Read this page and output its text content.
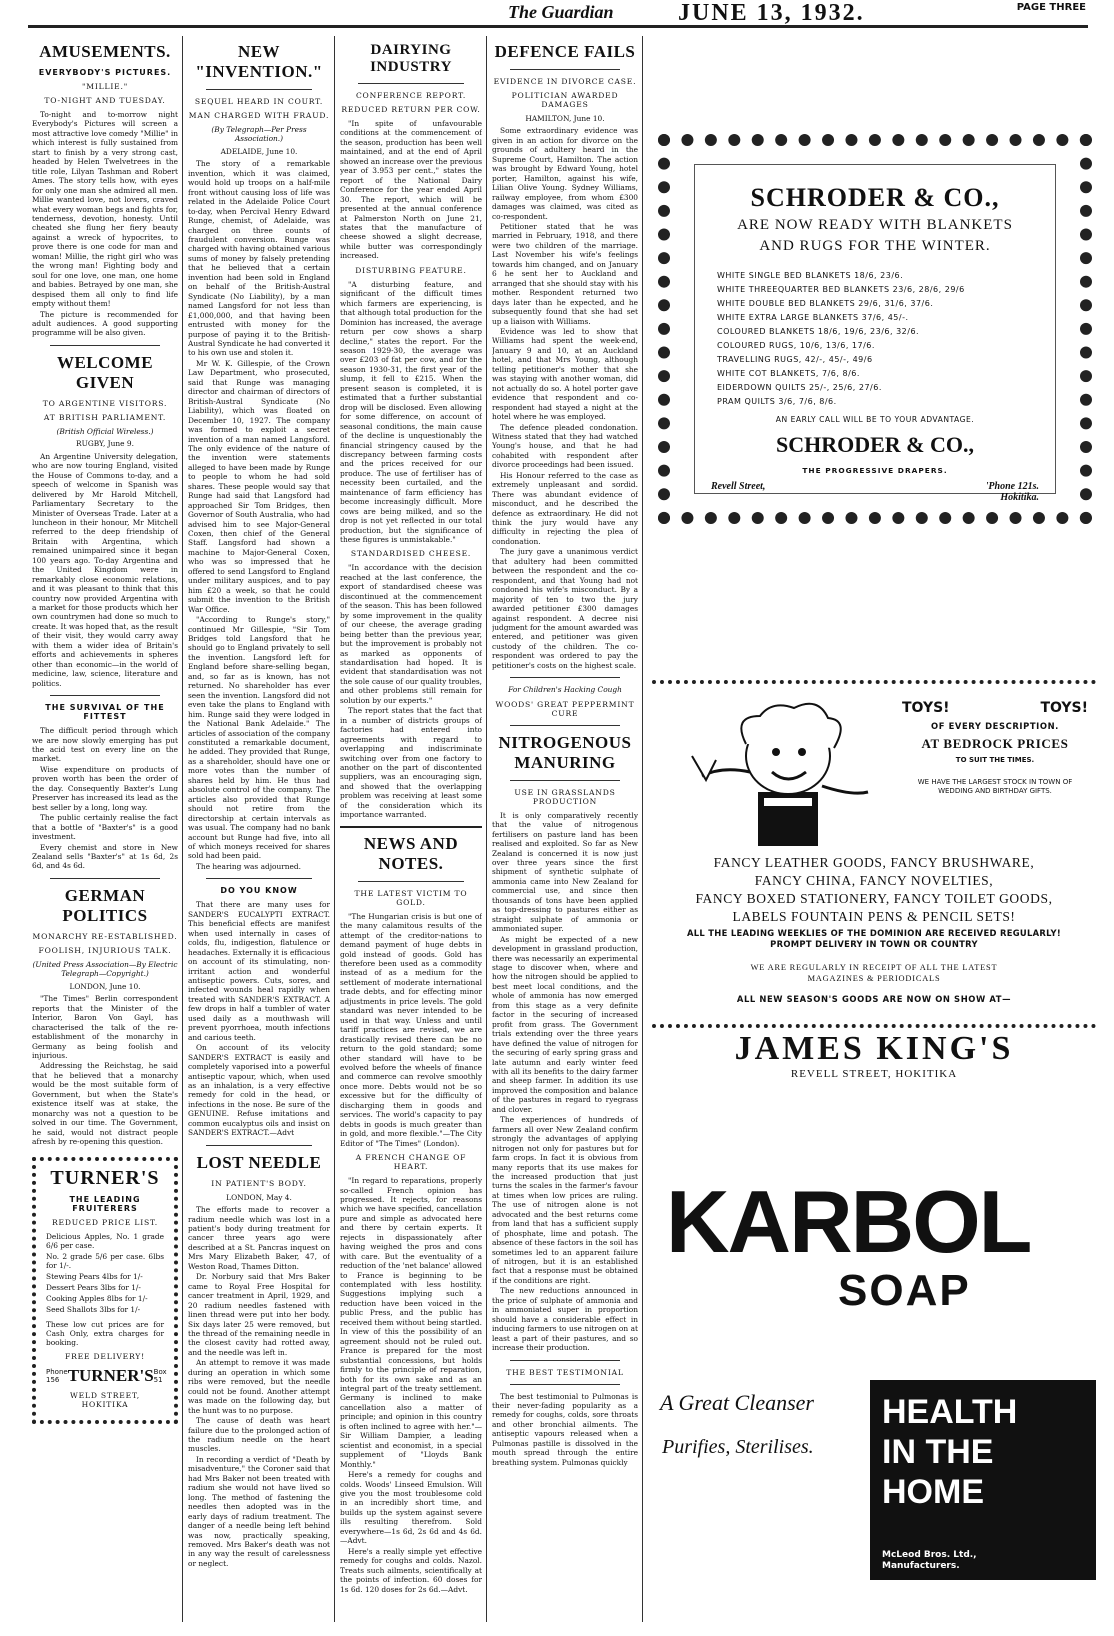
The Guardian	JUNE 13, 1932.	PAGE THREE
AMUSEMENTS.
EVERYBODY'S PICTURES.
"MILLIE."
TO-NIGHT AND TUESDAY.

To-night and to-morrow night Everybody's Pictures will screen a most attractive love comedy "Millie" in which interest is fully sustained from start to finish by a very strong cast, headed by Helen Twelvetrees in the title role, Lilyan Tashman and Robert Ames. The story tells how, with eyes for only one man she admired all men. Millie wanted love, not lovers, craved what every woman begs and fights for, tenderness, devotion, honesty. Until cheated she flung her fiery beauty against a wreck of hypocrites, to prove there is one code for man and woman! Millie, the right girl who was the wrong man! Fighting body and soul for one love, one man, one home and babies. Betrayed by one man, she despised them all only to find life empty without them!

The picture is recommended for adult audiences. A good supporting programme will be also given.

WELCOME GIVEN
TO ARGENTINE VISITORS.
AT BRITISH PARLIAMENT.
(British Official Wireless.)
RUGBY, June 9.

An Argentine University delegation, who are now touring England, visited the House of Commons to-day, and a speech of welcome in Spanish was delivered by Mr Harold Mitchell, Parliamentary Secretary to the Minister of Overseas Trade. Later at a luncheon in their honour, Mr Mitchell referred to the deep friendship of Britain with Argentina, which remained unimpaired since it began 100 years ago. To-day Argentina and the United Kingdom were in remarkably close economic relations, and it was pleasant to think that this country now provided Argentina with a market for those products which her own countrymen had done so much to create. It was hoped that, as the result of their visit, they would carry away with them a wider idea of Britain's efforts and achievements in spheres other than economic—in the world of medicine, law, science, literature and politics.

THE SURVIVAL OF THE FITTEST

The difficult period through which we are now slowly emerging has put the acid test on every line on the market.

Wise expenditure on products of proven worth has been the order of the day. Consequently Baxter's Lung Preserver has increased its lead as the best seller by a long, long way.

The public certainly realise the fact that a bottle of "Baxter's" is a good investment.

Every chemist and store in New Zealand sells "Baxter's" at 1s 6d, 2s 6d, and 4s 6d.

GERMAN POLITICS
MONARCHY RE-ESTABLISHED.
FOOLISH, INJURIOUS TALK.
(United Press Association—By Electric Telegraph—Copyright.)
LONDON, June 10.

"The Times" Berlin correspondent reports that the Minister of the Interior, Baron Von Gayl, has characterised the talk of the re-establishment of the monarchy in Germany as being foolish and injurious.

Addressing the Reichstag, he said that he believed that a monarchy would be the most suitable form of Government, but when the State's existence itself was at stake, the monarchy was not a question to be solved in our time. The Government, he said, would not distract people afresh by re-opening this question.

TURNER'S
THE LEADING FRUITERERS
REDUCED PRICE LIST.
Delicious Apples, No. 1 grade 6/6 per case.
No. 2 grade 5/6 per case. 6lbs for 1/-.
Stewing Pears 4lbs for 1/-
Dessert Pears 3lbs for 1/-
Cooking Apples 8lbs for 1/-
Seed Shallots 3lbs for 1/-
These low cut prices are for Cash Only, extra charges for booking.
FREE DELIVERY!
Phone 156 TURNER'S Box 51
WELD STREET, HOKITIKA
NEW "INVENTION."
SEQUEL HEARD IN COURT.
MAN CHARGED WITH FRAUD.
(By Telegraph—Per Press Association.)
ADELAIDE, June 10.

The story of a remarkable invention, which it was claimed, would hold up troops on a half-mile front without causing loss of life was related in the Adelaide Police Court to-day, when Percival Henry Edward Runge, chemist, of Adelaide, was charged on three counts of fraudulent conversion. Runge was charged with having obtained various sums of money by falsely pretending that he believed that a certain invention had been sold in England on behalf of the British-Austral Syndicate (No Liability), by a man named Langsford for not less than £1,000,000, and that having been entrusted with money for the purpose of paying it to the British-Austral Syndicate he had converted it to his own use and stolen it.

Mr W. K. Gillespie, of the Crown Law Department, who prosecuted, said that Runge was managing director and chairman of directors of British-Austral Syndicate (No Liability), which was floated on December 10, 1927. The company was formed to exploit a secret invention of a man named Langsford. The only evidence of the nature of the invention were statements alleged to have been made by Runge to people to whom he had sold shares. These people would say that Runge had said that Langsford had approached Sir Tom Bridges, then Governor of South Australia, who had advised him to see Major-General Coxen, then chief of the General Staff. Langsford had shown a machine to Major-General Coxen, who was so impressed that he offered to send Langsford to England under military auspices, and to pay him £20 a week, so that he could submit the invention to the British War Office.

"According to Runge's story," continued Mr Gillespie, "Sir Tom Bridges told Langsford that he should go to England privately to sell the invention. Langsford left for England before share-selling began, and, so far as is known, has not returned. No shareholder has ever seen the invention. Langsford did not even take the plans to England with him. Runge said they were lodged in the National Bank Adelaide." The articles of association of the company constituted a remarkable document, he added. They provided that Runge, as a shareholder, should have one or more votes than the number of shares held by him. He thus had absolute control of the company. The articles also provided that Runge should not retire from the directorship at certain intervals as was usual. The company had no bank account but Runge had five, into all of which moneys received for shares sold had been paid.

The hearing was adjourned.

DO YOU KNOW

That there are many uses for SANDER'S EUCALYPTI EXTRACT. This beneficial effects are manifest when used internally in cases of colds, flu, indigestion, flatulence or headaches. Externally it is efficacious on account of its stimulating, non-irritant action and wonderful antiseptic powers. Cuts, sores, and infected wounds heal rapidly when treated with SANDER'S EXTRACT. A few drops in half a tumbler of water used daily as a mouthwash will prevent pyorrhoea, mouth infections and carious teeth.

On account of its velocity SANDER'S EXTRACT is easily and completely vaporised into a powerful antiseptic vapour, which, when used as an inhalation, is a very effective remedy for cold in the head, or infections in the nose. Be sure of the GENUINE. Refuse imitations and common eucalyptus oils and insist on SANDER'S EXTRACT.—Advt

LOST NEEDLE
IN PATIENT'S BODY.
LONDON, May 4.

The efforts made to recover a radium needle which was lost in a patient's body during treatment for cancer three years ago were described at a St. Pancras inquest on Mrs Mary Elizabeth Baker, 47, of Weston Road, Thames Ditton.

Dr. Norbury said that Mrs Baker came to Royal Free Hospital for cancer treatment in April, 1929, and 20 radium needles fastened with linen thread were put into her body. Six days later 25 were removed, but the thread of the remaining needle in the closest cavity had rotted away, and the needle was left in.

An attempt to remove it was made during an operation in which some ribs were removed, but the needle could not be found. Another attempt was made on the following day, but the hunt was to no purpose.

The cause of death was heart failure due to the prolonged action of the radium needle on the heart muscles.

In recording a verdict of "Death by misadventure," the Coroner said that had Mrs Baker not been treated with radium she would not have lived so long. The method of fastening the needles then adopted was in the early days of radium treatment. The danger of a needle being left behind was now, practically speaking, removed. Mrs Baker's death was not in any way the result of carelessness or neglect.

DAIRYING INDUSTRY
CONFERENCE REPORT.
REDUCED RETURN PER COW.

"In spite of unfavourable conditions at the commencement of the season, production has been well maintained, and at the end of April showed an increase over the previous year of 3.953 per cent.," states the report of the National Dairy Conference for the year ended April 30. The report, which will be presented at the annual conference at Palmerston North on June 21, states that the manufacture of cheese showed a slight decrease, while butter was correspondingly increased.

DISTURBING FEATURE.

"A disturbing feature, and significant of the difficult times which farmers are experiencing, is that although total production for the Dominion has increased, the average return per cow shows a sharp decline," states the report. For the season 1929-30, the average was over £203 of fat per cow, and for the season 1930-31, the first year of the slump, it fell to £215. When the present season is completed, it is estimated that a further substantial drop will be disclosed. Even allowing for some difference, on account of seasonal conditions, the main cause of the decline is unquestionably the financial stringency caused by the discrepancy between farming costs and the prices received for our produce. The use of fertiliser has of necessity been curtailed, and the maintenance of farm efficiency has become increasingly difficult. More cows are being milked, and so the drop is not yet reflected in our total production, but the significance of these figures is unmistakable."

STANDARDISED CHEESE.

"In accordance with the decision reached at the last conference, the export of standardised cheese was discontinued at the commencement of the season. This has been followed by some improvement in the quality of our cheese, the average grading being better than the previous year, but the improvement is probably not as marked as opponents of standardisation had hoped. It is evident that standardisation was not the sole cause of our quality troubles, and other problems still remain for solution by our experts."

The report states that the fact that in a number of districts groups of factories had entered into agreements with regard to overlapping and indiscriminate switching over from one factory to another on the part of discontented suppliers, was an encouraging sign, and showed that the overlapping problem was receiving at least some of the consideration which its importance warranted.

NEWS AND NOTES.
THE LATEST VICTIM TO GOLD.

"The Hungarian crisis is but one of the many calamitous results of the attempt of the creditor-nations to demand payment of huge debts in gold instead of goods. Gold has therefore been used as a commodity instead of as a medium for the settlement of moderate international trade debts, and for effecting minor adjustments in price levels. The gold standard was never intended to be used in that way. Unless and until tariff practices are revised, we are drastically revised there can be no return to the gold standard; some other standard will have to be evolved before the wheels of finance and commerce can revolve smoothly once more. Debts would not be so excessive but for the difficulty of discharging them in goods and services. The world's capacity to pay debts in goods is much greater than in gold, and more flexible."—The City Editor of "The Times" (London).

A FRENCH CHANGE OF HEART.

"In regard to reparations, properly so-called French opinion has progressed. It rejects, for reasons which we have specified, cancellation pure and simple as advocated here and there by certain experts. It rejects in dispassionately after having weighed the pros and cons with care. But the eventuality of a reduction of the 'net balance' allowed to France is beginning to be contemplated with less hostility. Suggestions implying such a reduction have been voiced in the public Press, and the public has received them without being startled. In view of this the possibility of an agreement should not be ruled out. France is prepared for the most substantial concessions, but holds firmly to the principle of reparation, both for its own sake and as an integral part of the treaty settlement. Germany is inclined to make cancellation also a matter of principle; and opinion in this country is often inclined to agree with her."—Sir William Dampier, a leading scientist and economist, in a special supplement of "Lloyds Bank Monthly."

Here's a remedy for coughs and colds. Woods' Linseed Emulsion. Will give you the most troublesome cold in an incredibly short time, and builds up the system against severe ills resulting therefrom. Sold everywhere—1s 6d, 2s 6d and 4s 6d.—Advt.

Here's a really simple yet effective remedy for coughs and colds. Nazol. Treats such ailments, scientifically at the points of infection. 60 doses for 1s 6d. 120 doses for 2s 6d.—Advt.

DEFENCE FAILS
EVIDENCE IN DIVORCE CASE.
POLITICIAN AWARDED DAMAGES
HAMILTON, June 10.

Some extraordinary evidence was given in an action for divorce on the grounds of adultery heard in the Supreme Court, Hamilton. The action was brought by Edward Young, hotel porter, Hamilton, against his wife, Lilian Olive Young. Sydney Williams, railway employee, from whom £300 damages was claimed, was cited as co-respondent.

Petitioner stated that he was married in February, 1918, and there were two children of the marriage. Last November his wife's feelings towards him changed, and on January 6 he sent her to Auckland and arranged that she should stay with his mother. Respondent returned two days later than he expected, and he subsequently found that she had set up a liaison with Williams.

Evidence was led to show that Williams had spent the week-end, January 9 and 10, at an Auckland hotel, and that Mrs Young, although telling petitioner's mother that she was staying with another woman, did not actually do so. A hotel porter gave evidence that respondent and co-respondent had stayed a night at the hotel where he was employed.

The defence pleaded condonation. Witness stated that they had watched Young's house, and that he had cohabited with respondent after divorce proceedings had been issued.

His Honour referred to the case as extremely unpleasant and sordid. There was abundant evidence of misconduct, and he described the defence as extraordinary. He did not think the jury would have any difficulty in rejecting the plea of condonation.

The jury gave a unanimous verdict that adultery had been committed between the respondent and the co-respondent, and that Young had not condoned his wife's misconduct. By a majority of ten to two the jury awarded petitioner £300 damages against respondent. A decree nisi judgment for the amount awarded was entered, and petitioner was given custody of the children. The co-respondent was ordered to pay the petitioner's costs on the highest scale.

For Children's Hacking Cough
WOODS' GREAT PEPPERMINT CURE
NITROGENOUS
MANURING
USE IN GRASSLANDS PRODUCTION

It is only comparatively recently that the value of nitrogenous fertilisers on pasture land has been realised and exploited. So far as New Zealand is concerned it is now just over three years since the first shipment of synthetic sulphate of ammonia came into New Zealand for commercial use, and since then thousands of tons have been applied as top-dressing to pastures either as straight sulphate of ammonia or ammoniated super.

As might be expected of a new development in grassland production, there was necessarily an experimental stage to discover when, where and how the nitrogen should be applied to best meet local conditions, and the whole of ammonia has now emerged from this stage as a very definite factor in the securing of increased profit from grass. The Government trials extending over the three years have defined the value of nitrogen for the securing of early spring grass and late autumn and early winter feed with all its benefits to the dairy farmer and sheep farmer. In addition its use improved the composition and balance of the pastures in regard to ryegrass and clover.

The experiences of hundreds of farmers all over New Zealand confirm strongly the advantages of applying nitrogen not only for pastures but for farm crops. In fact it is obvious from many reports that its use makes for the increased production that just turns the scales in the farmer's favour at times when low prices are ruling. The use of nitrogen alone is not advocated and the best returns come from land that has a sufficient supply of phosphate, lime and potash. The absence of these factors in the soil has sometimes led to an apparent failure of nitrogen, but it is an established fact that a response must be obtained if the conditions are right.

The new reductions announced in the price of sulphate of ammonia and in ammoniated super in proportion should have a considerable effect in inducing farmers to use nitrogen on at least a part of their pastures, and so increase their production.

THE BEST TESTIMONIAL

The best testimonial to Pulmonas is their never-fading popularity as a remedy for coughs, colds, sore throats and other bronchial ailments. The antiseptic vapours released when a Pulmonas pastille is dissolved in the mouth spread through the entire breathing system. Pulmonas quickly

SCHRODER & CO.,
ARE NOW READY WITH BLANKETS
AND RUGS FOR THE WINTER.
WHITE SINGLE BED BLANKETS 18/6, 23/6.
WHITE THREEQUARTER BED BLANKETS 23/6, 28/6, 29/6
WHITE DOUBLE BED BLANKETS 29/6, 31/6, 37/6.
WHITE EXTRA LARGE BLANKETS 37/6, 45/-.
COLOURED BLANKETS 18/6, 19/6, 23/6, 32/6.
COLOURED RUGS, 10/6, 13/6, 17/6.
TRAVELLING RUGS, 42/-, 45/-, 49/6
WHITE COT BLANKETS, 7/6, 8/6.
EIDERDOWN QUILTS 25/-, 25/6, 27/6.
PRAM QUILTS 3/6, 7/6, 8/6.
AN EARLY CALL WILL BE TO YOUR ADVANTAGE.
SCHRODER & CO.,
THE PROGRESSIVE DRAPERS.
Revell Street,	'Phone 121s.
Hokitika.
TOYS!	TOYS!
OF EVERY DESCRIPTION.
AT BEDROCK PRICES
TO SUIT THE TIMES.
WE HAVE THE LARGEST STOCK IN TOWN OF WEDDING AND BIRTHDAY GIFTS.
FANCY LEATHER GOODS, FANCY BRUSHWARE,
FANCY CHINA, FANCY NOVELTIES,
FANCY BOXED STATIONERY, FANCY TOILET GOODS,
LABELS FOUNTAIN PENS & PENCIL SETS!
ALL THE LEADING WEEKLIES OF THE DOMINION ARE RECEIVED REGULARLY!
PROMPT DELIVERY IN TOWN OR COUNTRY
WE ARE REGULARLY IN RECEIPT OF ALL THE LATEST
MAGAZINES & PERIODICALS
ALL NEW SEASON'S GOODS ARE NOW ON SHOW AT—
JAMES KING'S
REVELL STREET, HOKITIKA
KARBOL
SOAP
A Great Cleanser
Purifies, Sterilises.
HEALTH
IN THE
HOME
McLeod Bros. Ltd.,
Manufacturers.
